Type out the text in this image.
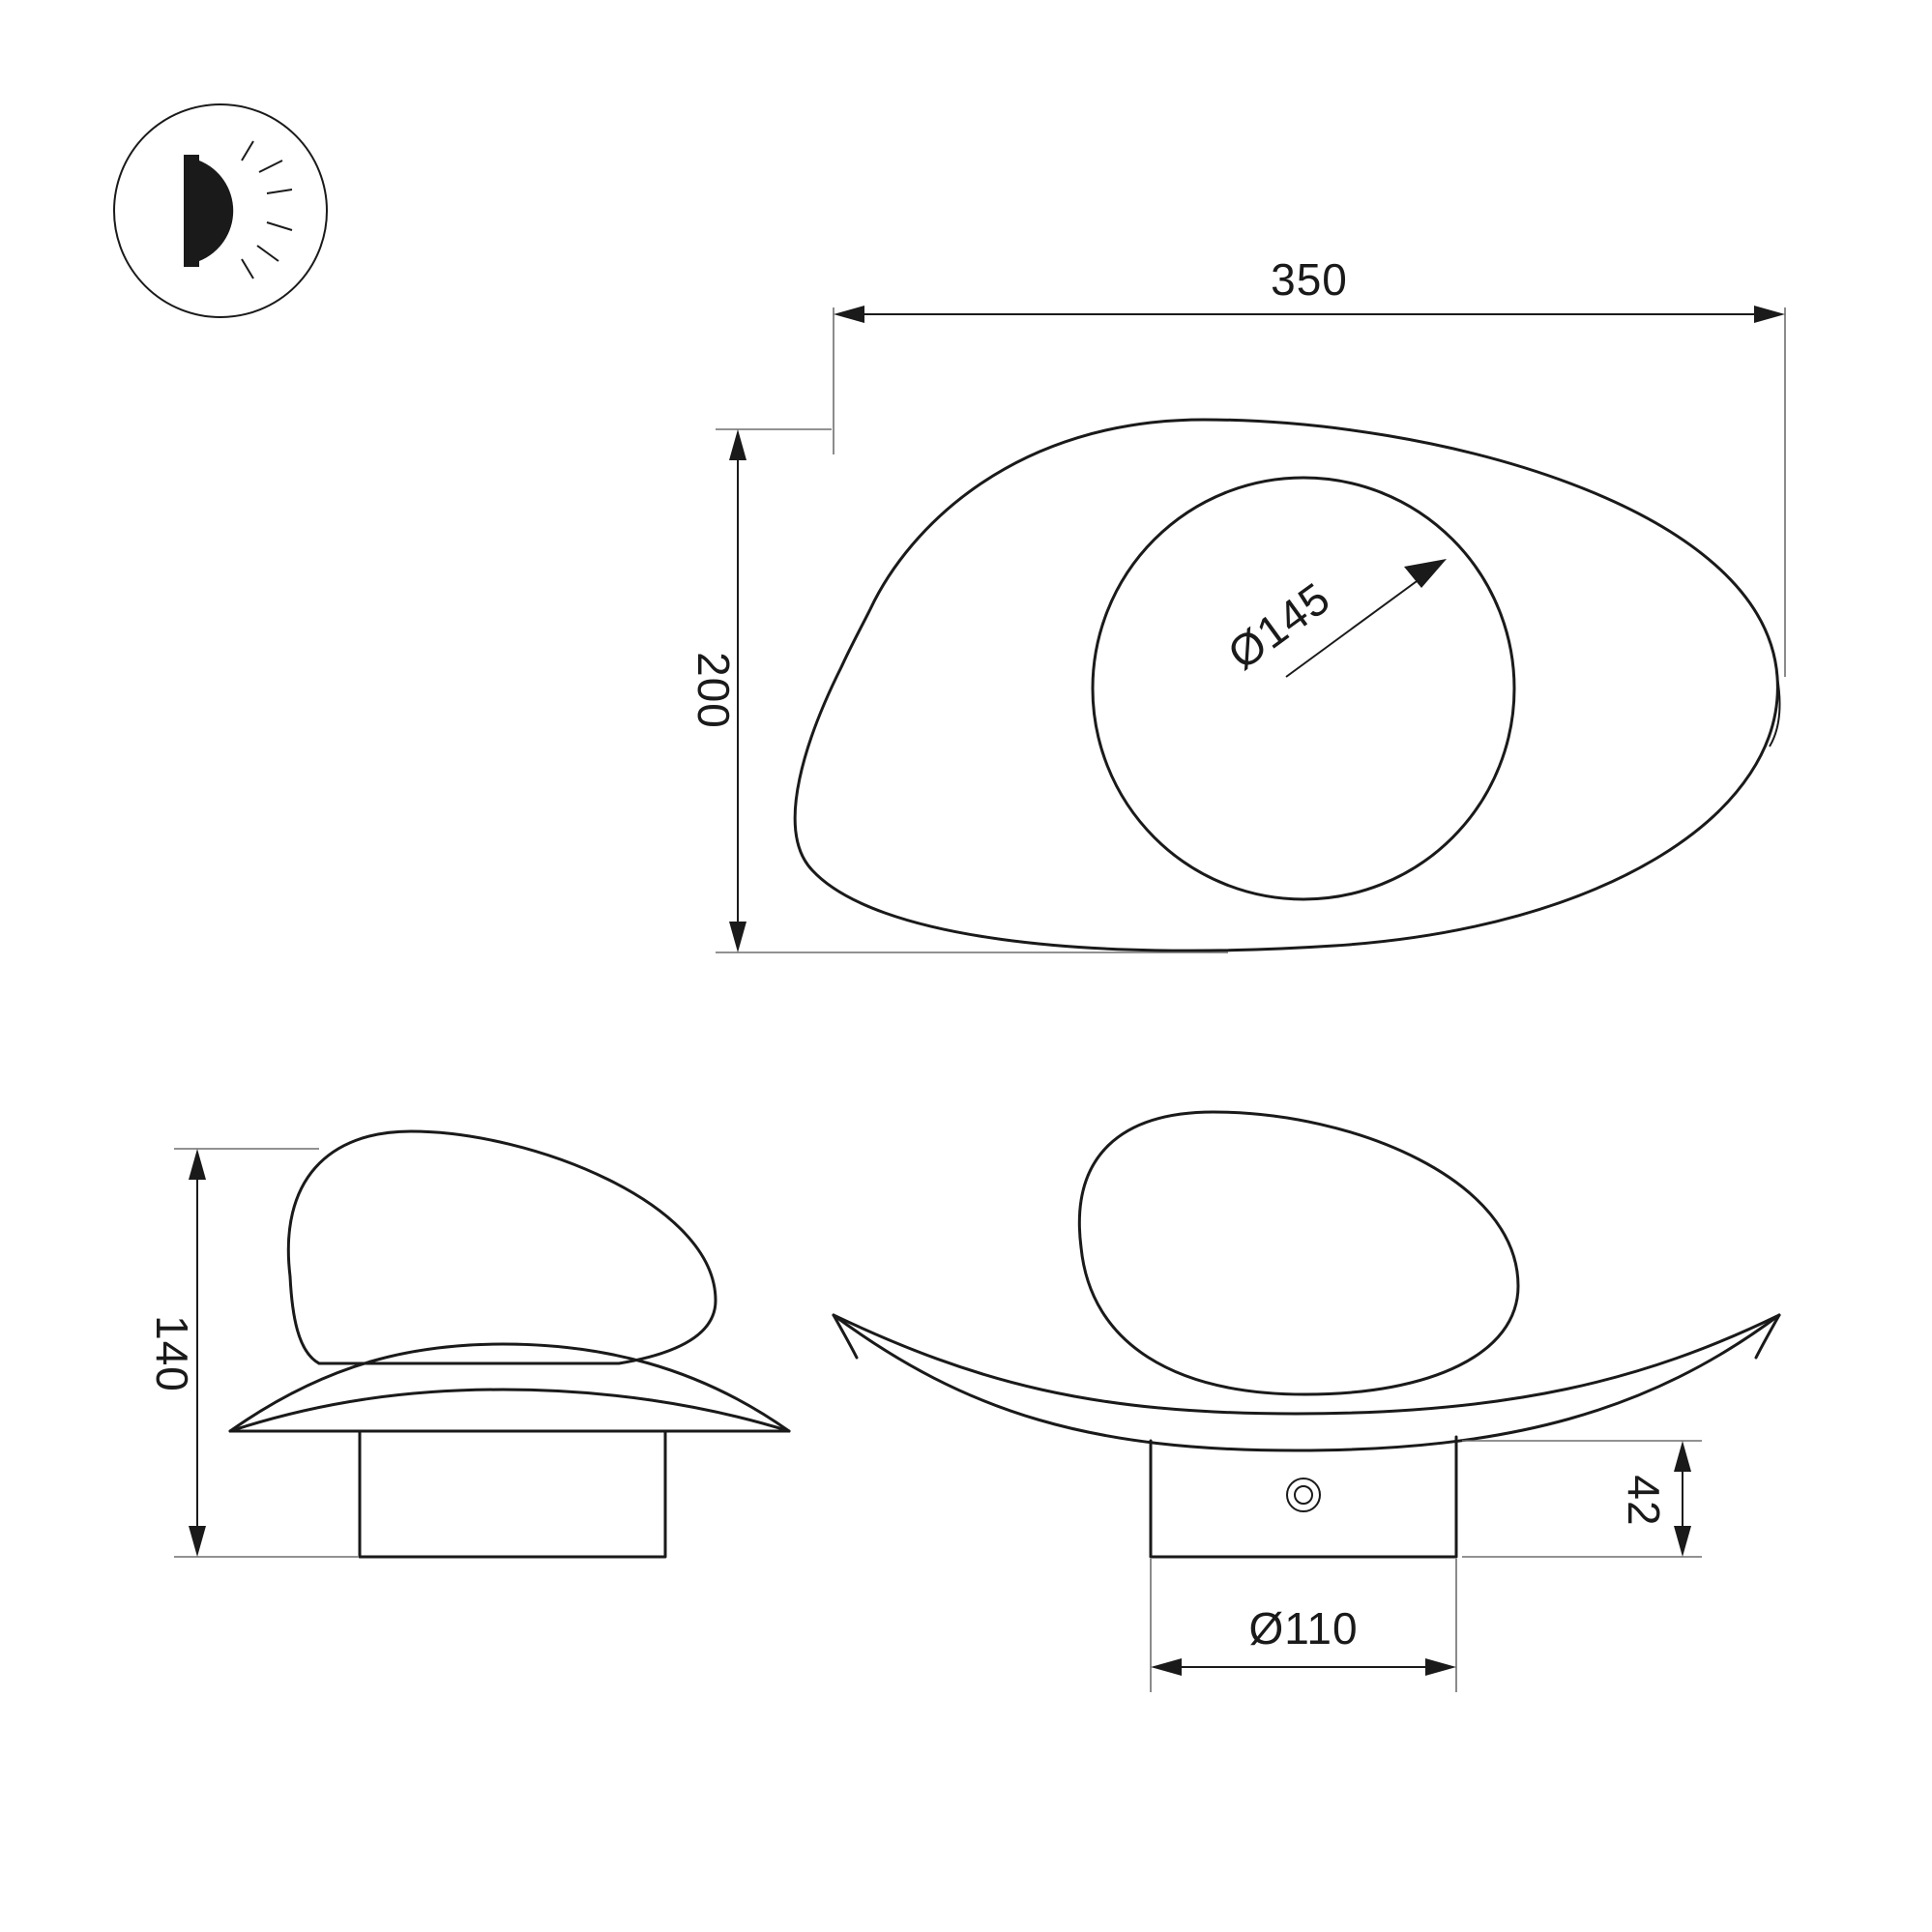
350
200
Ø145
140
42
Ø110
